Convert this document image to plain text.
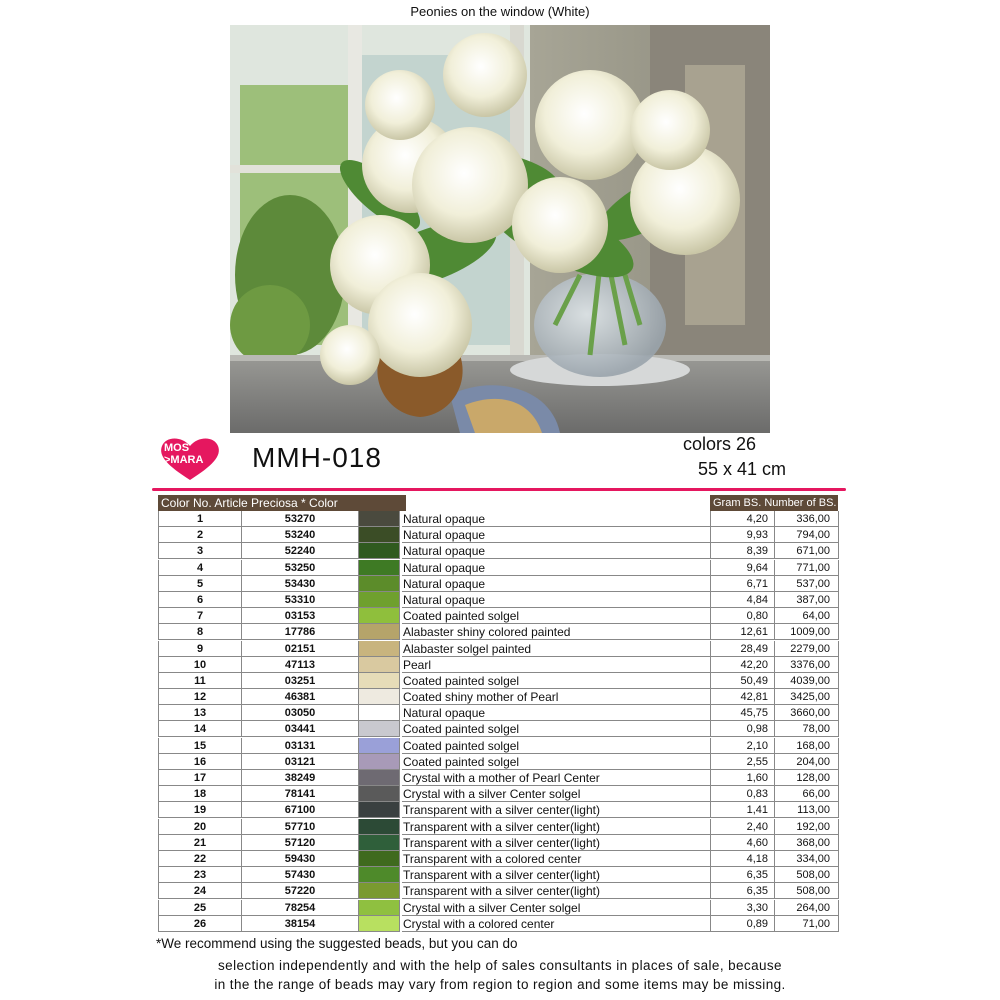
Peonies on the window (White)
MOS
>MARA MMH-018	colors 26
55 x 41 cm
Color No. Article Preciosa * Color	Gram BS. Number of BS.
1	53270	Natural opaque	4,20	336,00
2	53240	Natural opaque	9,93	794,00
3	52240	Natural opaque	8,39	671,00
4	53250	Natural opaque	9,64	771,00
5	53430	Natural opaque	6,71	537,00
6	53310	Natural opaque	4,84	387,00
7	03153	Coated painted solgel	0,80	64,00
8	17786	Alabaster shiny colored painted	12,61	1009,00
9	02151	Alabaster solgel painted	28,49	2279,00
10	47113	Pearl	42,20	3376,00
11	03251	Coated painted solgel	50,49	4039,00
12	46381	Coated shiny mother of Pearl	42,81	3425,00
13	03050	Natural opaque	45,75	3660,00
14	03441	Coated painted solgel	0,98	78,00
15	03131	Coated painted solgel	2,10	168,00
16	03121	Coated painted solgel	2,55	204,00
17	38249	Crystal with a mother of Pearl Center	1,60	128,00
18	78141	Crystal with a silver Center solgel	0,83	66,00
19	67100	Transparent with a silver center(light)	1,41	113,00
20	57710	Transparent with a silver center(light)	2,40	192,00
21	57120	Transparent with a silver center(light)	4,60	368,00
22	59430	Transparent with a colored center	4,18	334,00
23	57430	Transparent with a silver center(light)	6,35	508,00
24	57220	Transparent with a silver center(light)	6,35	508,00
25	78254	Crystal with a silver Center solgel	3,30	264,00
26	38154	Crystal with a colored center	0,89	71,00
*We recommend using the suggested beads, but you can do
selection independently and with the help of sales consultants in places of sale, because
in the the range of beads may vary from region to region and some items may be missing.
